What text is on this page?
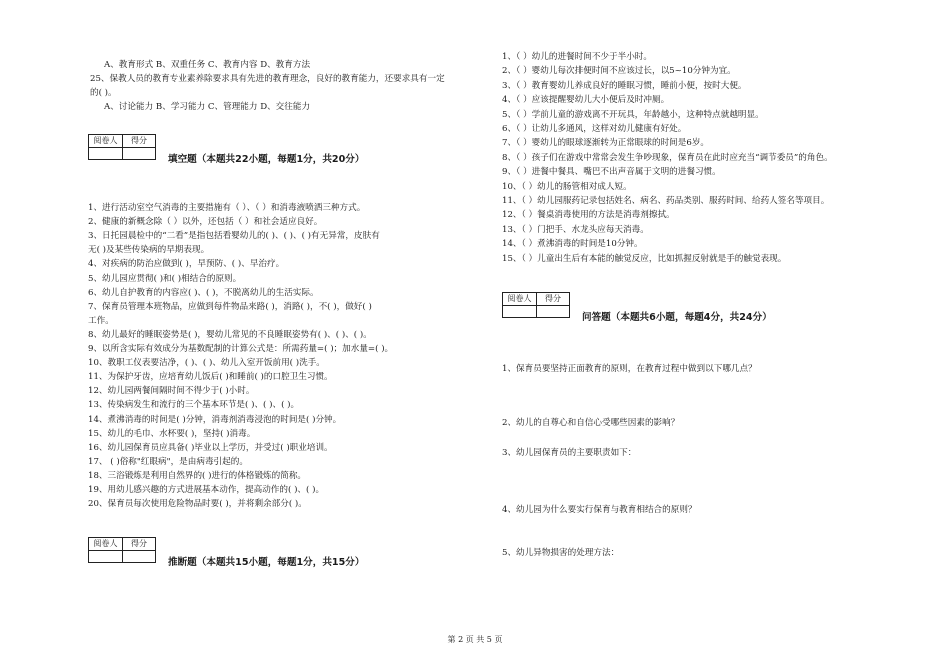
A、教育形式 B、双重任务 C、教育内容 D、教育方法
25、保教人员的教育专业素养除要求具有先进的教育理念，良好的教育能力，还要求具有一定
的( )。
A、讨论能力 B、学习能力 C、管理能力 D、交往能力
阅卷人	得分
填空题（本题共22小题，每题1分，共20分）
1、进行活动室空气消毒的主要措施有（ ）、（ ）和消毒液喷洒三种方式。
2、健康的新概念除（ ）以外，还包括（ ）和社会适应良好。
3、日托园晨检中的“二看”是指包括看婴幼儿的( )、( )、( )有无异常，皮肤有
无( )及某些传染病的早期表现。
4、对疾病的防治应做到( )，早预防、( )、早治疗。
5、幼儿园应贯彻( )和( )相结合的原则。
6、幼儿自护教育的内容应( )、( )，不脱离幼儿的生活实际。
7、保育员管理本班物品，应做到每件物品来路( )，消路( )，不( )，做好( )
工作。
8、幼儿最好的睡眠姿势是( )，婴幼儿常见的不良睡眠姿势有( )、( )、( )。
9、以所含实际有效成分为基数配制的计算公式是：所需药量=( )；加水量=( )。
10、教职工仪表要洁净，( )、( )、幼儿入室开饭前用( )洗手。
11、为保护牙齿，应培育幼儿饭后( )和睡前( )的口腔卫生习惯。
12、幼儿园两餐间隔时间不得少于( )小时。
13、传染病发生和流行的三个基本环节是( )、( )、( )。
14、煮沸消毒的时间是( )分钟，消毒剂消毒浸泡的时间是( )分钟。
15、幼儿的毛巾、水杯要( )，坚持( )消毒。
16、幼儿园保育员应具备( )毕业以上学历，并受过( )职业培训。
17、 ( )俗称"红眼病"，是由病毒引起的。
18、三浴锻炼是利用自然界的( )进行的体格锻炼的简称。
19、用幼儿感兴趣的方式进展基本动作，提高动作的( )、( )。
20、保育员每次使用危险物品时要( )，并将剩余部分( )。
阅卷人	得分
推断题（本题共15小题，每题1分，共15分）
1、（ ）幼儿的进餐时间不少于半小时。
2、（ ）婴幼儿每次排便时间不应该过长，以5~10分钟为宜。
3、（ ）教育婴幼儿养成良好的睡眠习惯，睡前小便，按时大便。
4、（ ）应该提醒婴幼儿大小便后及时冲厕。
5、（ ）学前儿童的游戏离不开玩具，年龄越小，这种特点就越明显。
6、（ ）让幼儿多通风，这样对幼儿健康有好处。
7、（ ）婴幼儿的眼球逐渐转为正常眼球的时间是6岁。
8、（ ）孩子们在游戏中常常会发生争吵现象，保育员在此时应充当“调节委员”的角色。
9、（ ）进餐中餐具、嘴巴不出声音属于文明的进餐习惯。
10、（ ）幼儿的肠管相对成人短。
11、（ ）幼儿园服药记录包括姓名、病名、药品类别、服药时间、给药人签名等项目。
12、（ ）餐桌消毒使用的方法是消毒剂擦拭。
13、（ ）门把手、水龙头应每天消毒。
14、（ ）煮沸消毒的时间是10分钟。
15、（ ）儿童出生后有本能的触觉反应，比如抓握反射就是手的触觉表现。
阅卷人	得分
问答题（本题共6小题，每题4分，共24分）
1、保育员要坚持正面教育的原则，在教育过程中做到以下哪几点？
2、幼儿的自尊心和自信心受哪些因素的影响？
3、幼儿园保育员的主要职责如下：
4、幼儿园为什么要实行保育与教育相结合的原则？
5、幼儿异物损害的处理方法：
第 2 页 共 5 页
